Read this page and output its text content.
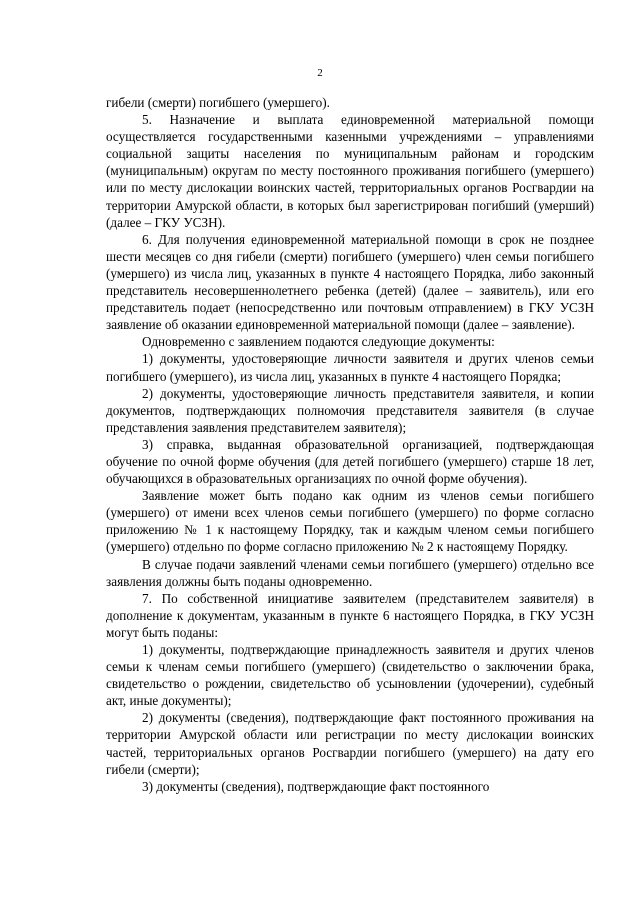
2

гибели (смерти) погибшего (умершего).

5. Назначение и выплата единовременной материальной помощи осуществляется государственными казенными учреждениями – управлениями социальной защиты населения по муниципальным районам и городским (муниципальным) округам по месту постоянного проживания погибшего (умершего) или по месту дислокации воинских частей, территориальных органов Росгвардии на территории Амурской области, в которых был зарегистрирован погибший (умерший) (далее – ГКУ УСЗН).

6. Для получения единовременной материальной помощи в срок не позднее шести месяцев со дня гибели (смерти) погибшего (умершего) член семьи погибшего (умершего) из числа лиц, указанных в пункте 4 настоящего Порядка, либо законный представитель несовершеннолетнего ребенка (детей) (далее – заявитель), или его представитель подает (непосредственно или почтовым отправлением) в ГКУ УСЗН заявление об оказании единовременной материальной помощи (далее – заявление).

Одновременно с заявлением подаются следующие документы:

1) документы, удостоверяющие личности заявителя и других членов семьи погибшего (умершего), из числа лиц, указанных в пункте 4 настоящего Порядка;

2) документы, удостоверяющие личность представителя заявителя, и копии документов, подтверждающих полномочия представителя заявителя (в случае представления заявления представителем заявителя);

3) справка, выданная образовательной организацией, подтверждающая обучение по очной форме обучения (для детей погибшего (умершего) старше 18 лет, обучающихся в образовательных организациях по очной форме обучения).

Заявление может быть подано как одним из членов семьи погибшего (умершего) от имени всех членов семьи погибшего (умершего) по форме согласно приложению № 1 к настоящему Порядку, так и каждым членом семьи погибшего (умершего) отдельно по форме согласно приложению № 2 к настоящему Порядку.

В случае подачи заявлений членами семьи погибшего (умершего) отдельно все заявления должны быть поданы одновременно.

7. По собственной инициативе заявителем (представителем заявителя) в дополнение к документам, указанным в пункте 6 настоящего Порядка, в ГКУ УСЗН могут быть поданы:

1) документы, подтверждающие принадлежность заявителя и других членов семьи к членам семьи погибшего (умершего) (свидетельство о заключении брака, свидетельство о рождении, свидетельство об усыновлении (удочерении), судебный акт, иные документы);

2) документы (сведения), подтверждающие факт постоянного проживания на территории Амурской области или регистрации по месту дислокации воинских частей, территориальных органов Росгвардии погибшего (умершего) на дату его гибели (смерти);

3) документы (сведения), подтверждающие факт постоянного
